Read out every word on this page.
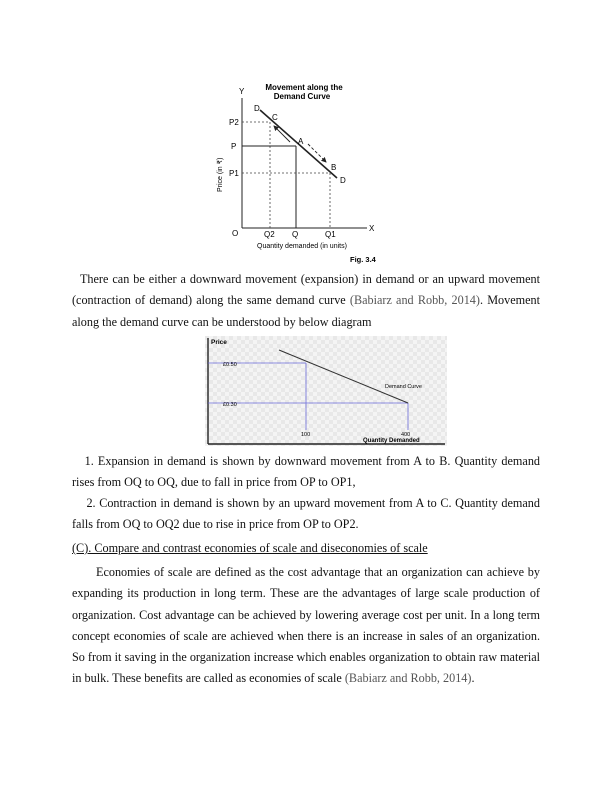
Movement along the
Demand Curve
Y
X
O
Price (in ₹)
Quantity demanded (in units)
D
C
A
B
D
P2
P
P1
Q2 Q	Q1
Fig. 3.4
There can be either a downward movement (expansion) in demand or an upward movement (contraction of demand) along the same demand curve (Babiarz and Robb, 2014). Movement along the demand curve can be understood by below diagram
Price
Demand Curve
£0.50
£0.30
100	400
Quantity Demanded
1. Expansion in demand is shown by downward movement from A to B. Quantity demand rises from OQ to OQ, due to fall in price from OP to OP1,
2. Contraction in demand is shown by an upward movement from A to C. Quantity demand falls from OQ to OQ2 due to rise in price from OP to OP2.
(C). Compare and contrast economies of scale and diseconomies of scale
Economies of scale are defined as the cost advantage that an organization can achieve by expanding its production in long term. These are the advantages of large scale production of organization. Cost advantage can be achieved by lowering average cost per unit. In a long term concept economies of scale are achieved when there is an increase in sales of an organization. So from it saving in the organization increase which enables organization to obtain raw material in bulk. These benefits are called as economies of scale (Babiarz and Robb, 2014).
